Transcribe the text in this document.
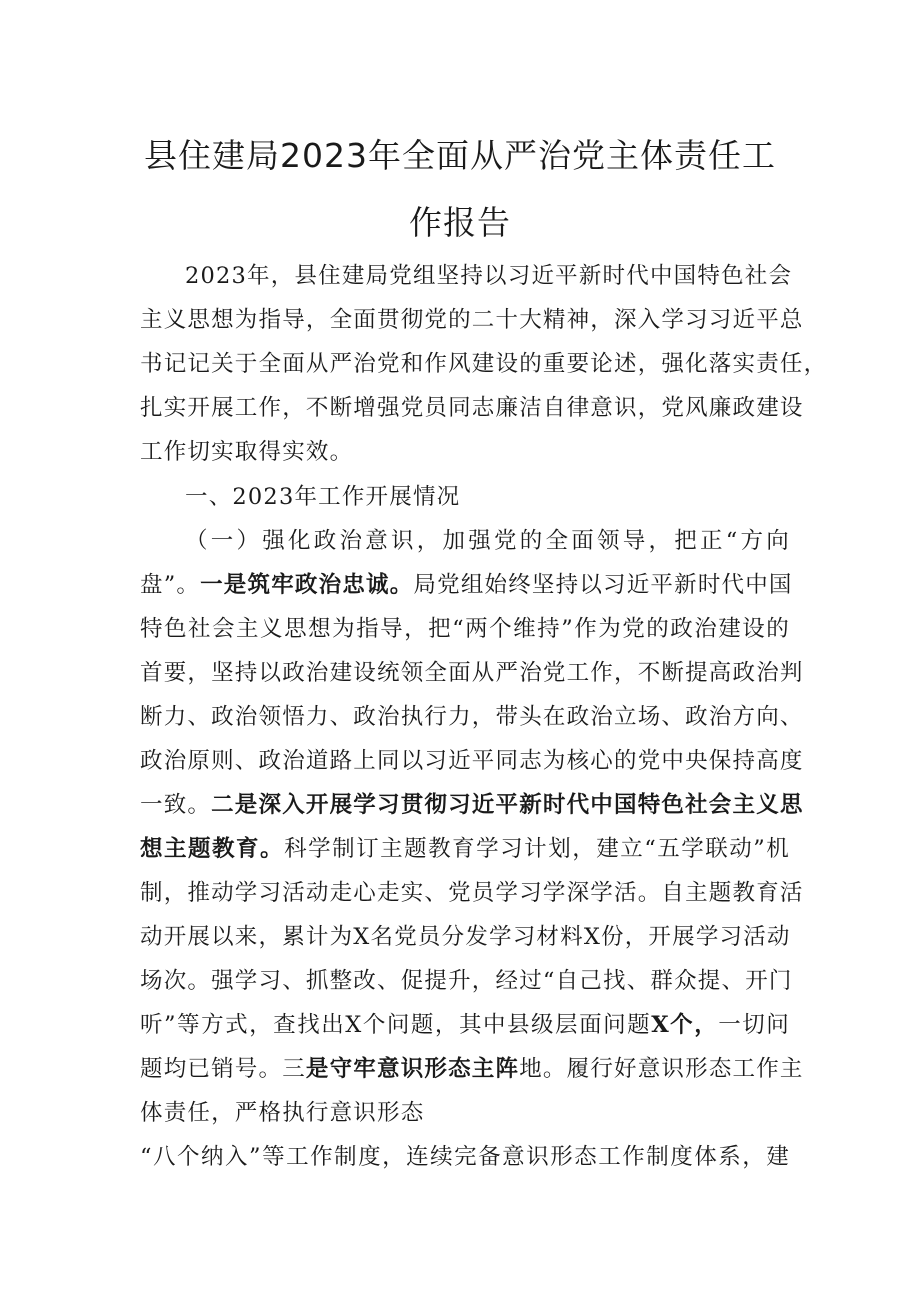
县住建局2023年全面从严治党主体责任工
作报告

2023年，县住建局党组坚持以习近平新时代中国特色社会

主义思想为指导，全面贯彻党的二十大精神，深入学习习近平总

书记记关于全面从严治党和作风建设的重要论述，强化落实责任，

扎实开展工作，不断增强党员同志廉洁自律意识，党风廉政建设

工作切实取得实效。

一、2023年工作开展情况

（一）强化政治意识，加强党的全面领导，把正“方向

盘”。一是筑牢政治忠诚。局党组始终坚持以习近平新时代中国

特色社会主义思想为指导，把“两个维持”作为党的政治建设的

首要，坚持以政治建设统领全面从严治党工作，不断提高政治判

断力、政治领悟力、政治执行力，带头在政治立场、政治方向、

政治原则、政治道路上同以习近平同志为核心的党中央保持高度

一致。二是深入开展学习贯彻习近平新时代中国特色社会主义思

想主题教育。科学制订主题教育学习计划，建立“五学联动”机

制，推动学习活动走心走实、党员学习学深学活。自主题教育活

动开展以来，累计为X名党员分发学习材料X份，开展学习活动

场次。强学习、抓整改、促提升，经过“自己找、群众提、开门

听”等方式，查找出X个问题，其中县级层面问题X个，一切问

题均已销号。三是守牢意识形态主阵地。履行好意识形态工作主

体责任，严格执行意识形态

“八个纳入”等工作制度，连续完备意识形态工作制度体系，建
